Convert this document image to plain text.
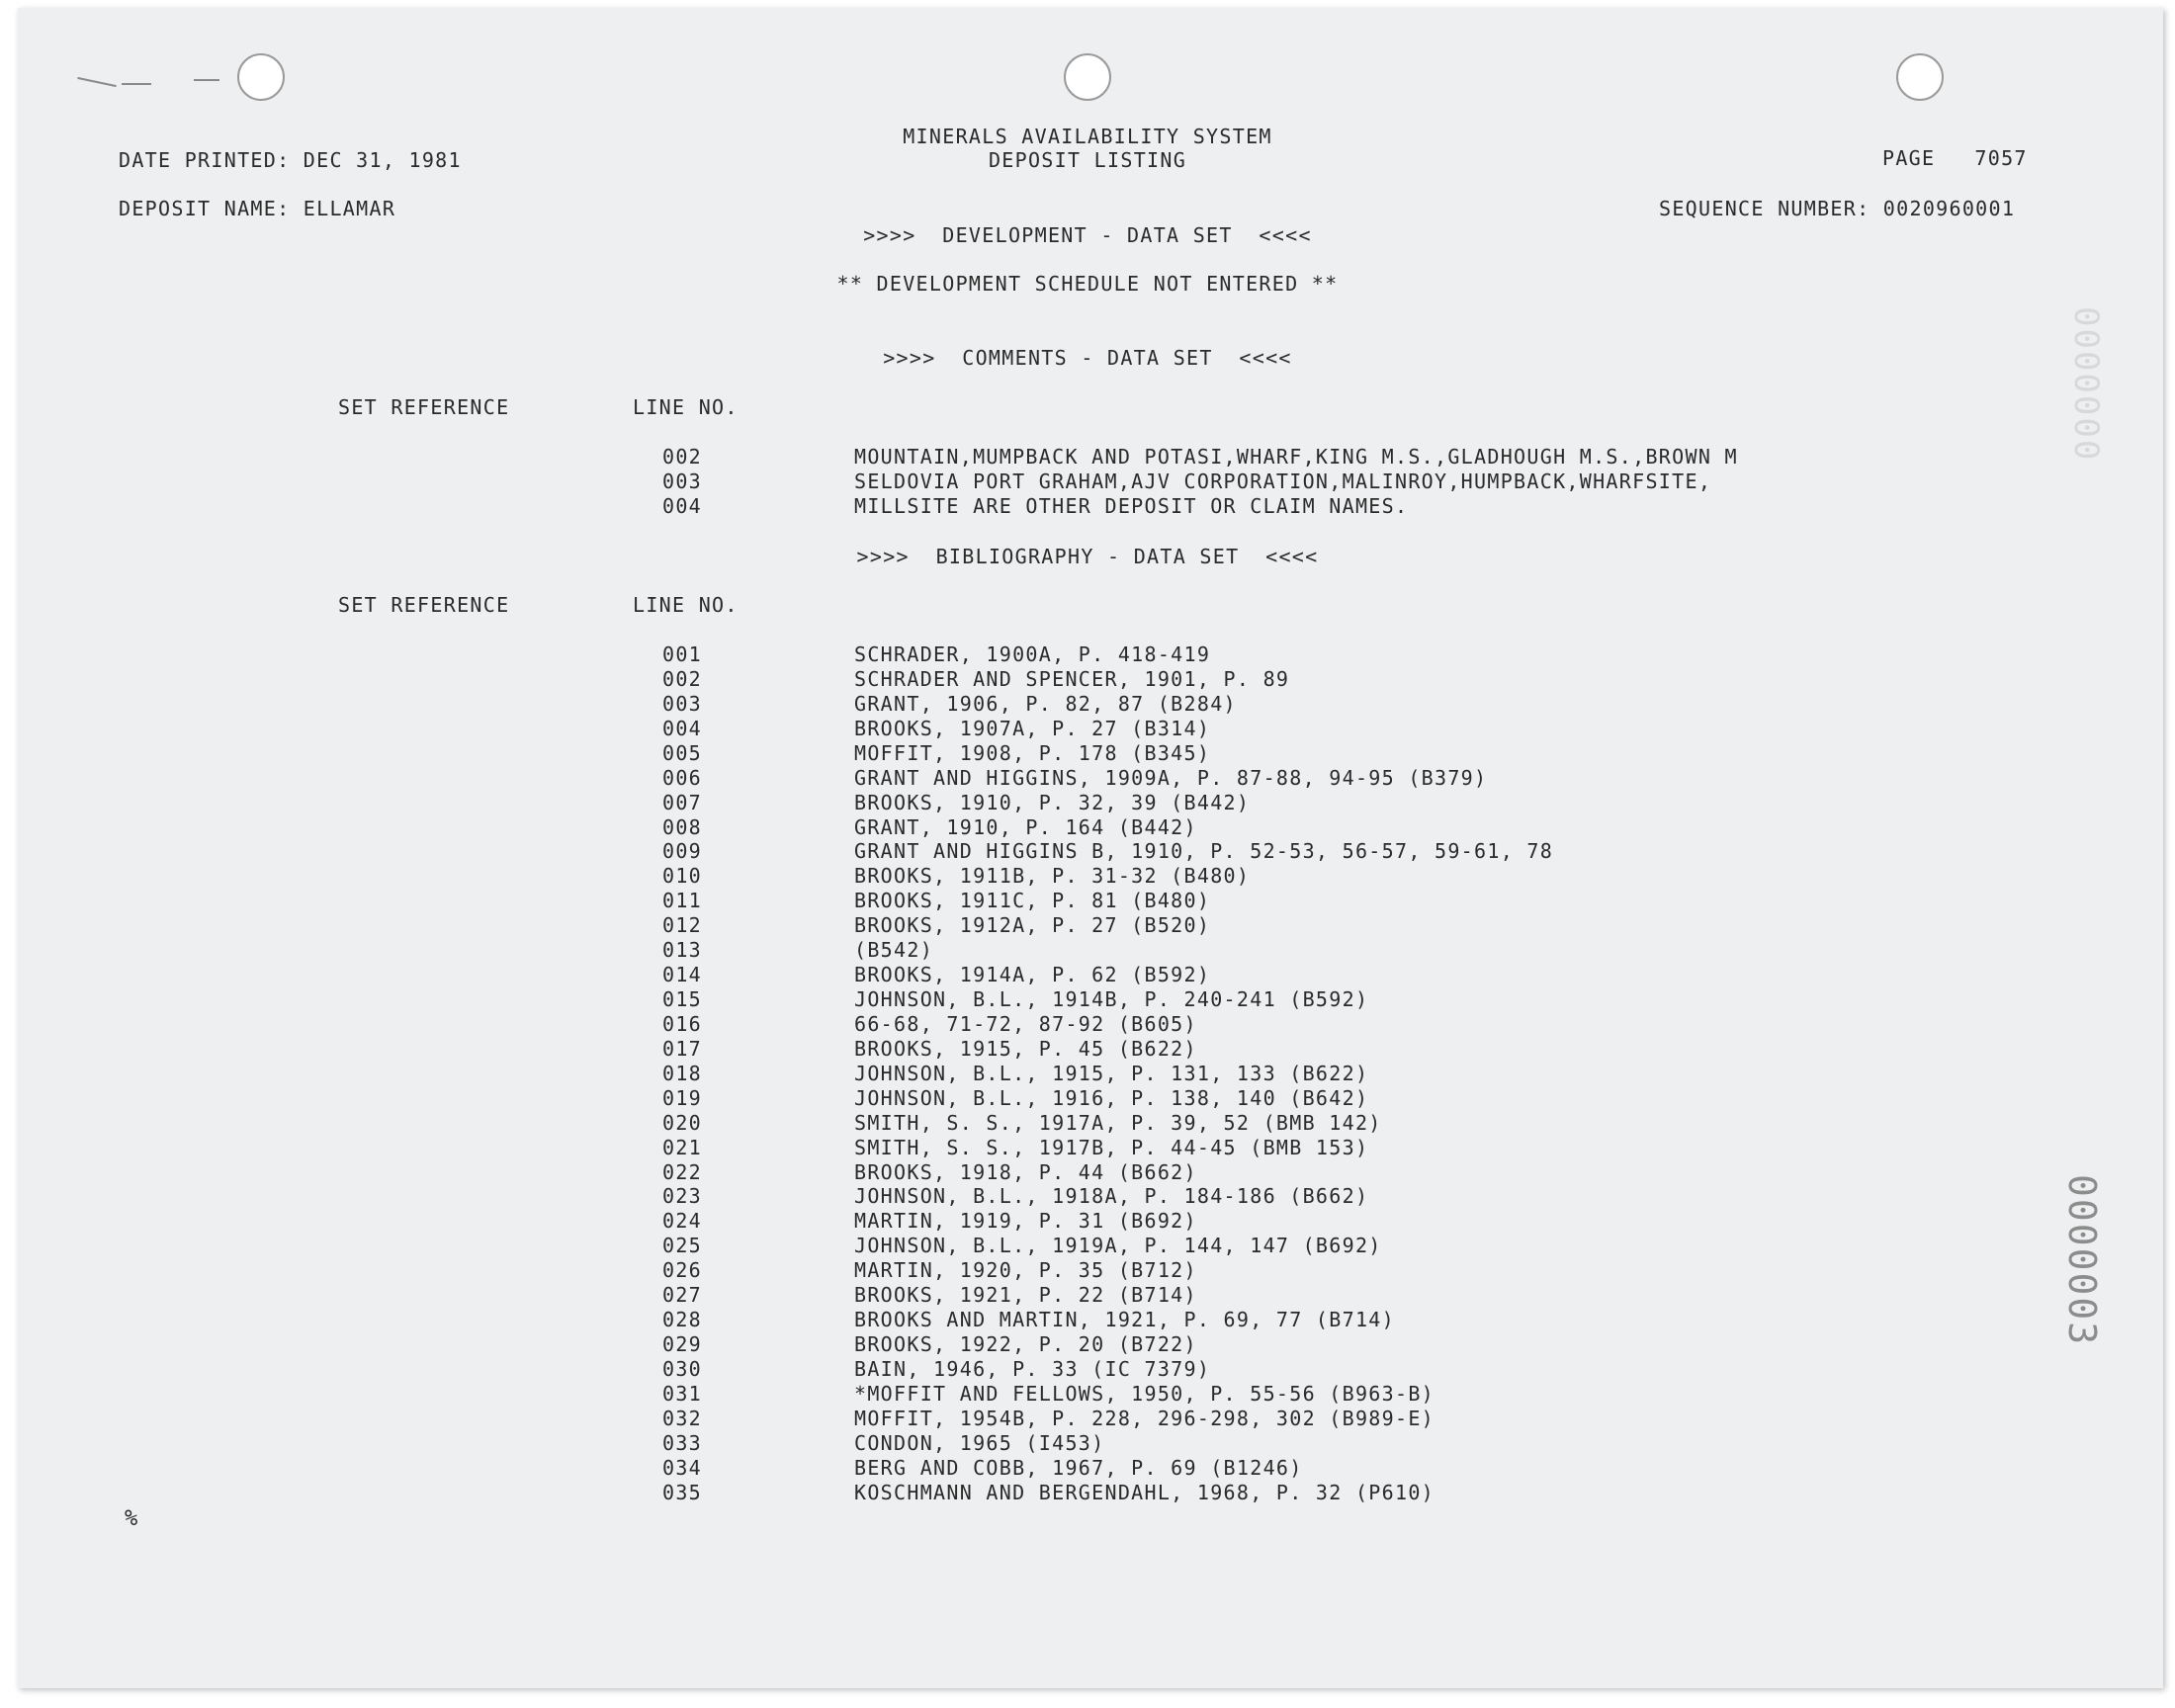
DATE PRINTED: DEC 31, 1981
MINERALS AVAILABILITY SYSTEM
DEPOSIT LISTING	PAGE   7057
DEPOSIT NAME: ELLAMAR	SEQUENCE NUMBER: 0020960001
>>>>  DEVELOPMENT - DATA SET  <<<<
** DEVELOPMENT SCHEDULE NOT ENTERED **
>>>>  COMMENTS - DATA SET  <<<<
SET REFERENCE	LINE NO.
002	MOUNTAIN,MUMPBACK AND POTASI,WHARF,KING M.S.,GLADHOUGH M.S.,BROWN M
003	SELDOVIA PORT GRAHAM,AJV CORPORATION,MALINROY,HUMPBACK,WHARFSITE,
004	MILLSITE ARE OTHER DEPOSIT OR CLAIM NAMES.
>>>>  BIBLIOGRAPHY - DATA SET  <<<<
SET REFERENCE	LINE NO.
001	SCHRADER, 1900A, P. 418-419
002	SCHRADER AND SPENCER, 1901, P. 89
003	GRANT, 1906, P. 82, 87 (B284)
004	BROOKS, 1907A, P. 27 (B314)
005	MOFFIT, 1908, P. 178 (B345)
006	GRANT AND HIGGINS, 1909A, P. 87-88, 94-95 (B379)
007	BROOKS, 1910, P. 32, 39 (B442)
008	GRANT, 1910, P. 164 (B442)
009	GRANT AND HIGGINS B, 1910, P. 52-53, 56-57, 59-61, 78
010	BROOKS, 1911B, P. 31-32 (B480)
011	BROOKS, 1911C, P. 81 (B480)
012	BROOKS, 1912A, P. 27 (B520)
013	(B542)
014	BROOKS, 1914A, P. 62 (B592)
015	JOHNSON, B.L., 1914B, P. 240-241 (B592)
016	66-68, 71-72, 87-92 (B605)
017	BROOKS, 1915, P. 45 (B622)
018	JOHNSON, B.L., 1915, P. 131, 133 (B622)
019	JOHNSON, B.L., 1916, P. 138, 140 (B642)
020	SMITH, S. S., 1917A, P. 39, 52 (BMB 142)
021	SMITH, S. S., 1917B, P. 44-45 (BMB 153)
022	BROOKS, 1918, P. 44 (B662)
023	JOHNSON, B.L., 1918A, P. 184-186 (B662)
024	MARTIN, 1919, P. 31 (B692)
025	JOHNSON, B.L., 1919A, P. 144, 147 (B692)
026	MARTIN, 1920, P. 35 (B712)
027	BROOKS, 1921, P. 22 (B714)
028	BROOKS AND MARTIN, 1921, P. 69, 77 (B714)
029	BROOKS, 1922, P. 20 (B722)
030	BAIN, 1946, P. 33 (IC 7379)
031	*MOFFIT AND FELLOWS, 1950, P. 55-56 (B963-B)
032	MOFFIT, 1954B, P. 228, 296-298, 302 (B989-E)
033	CONDON, 1965 (I453)
034	BERG AND COBB, 1967, P. 69 (B1246)
035	KOSCHMANN AND BERGENDAHL, 1968, P. 32 (P610)
%
0000000
0000003
